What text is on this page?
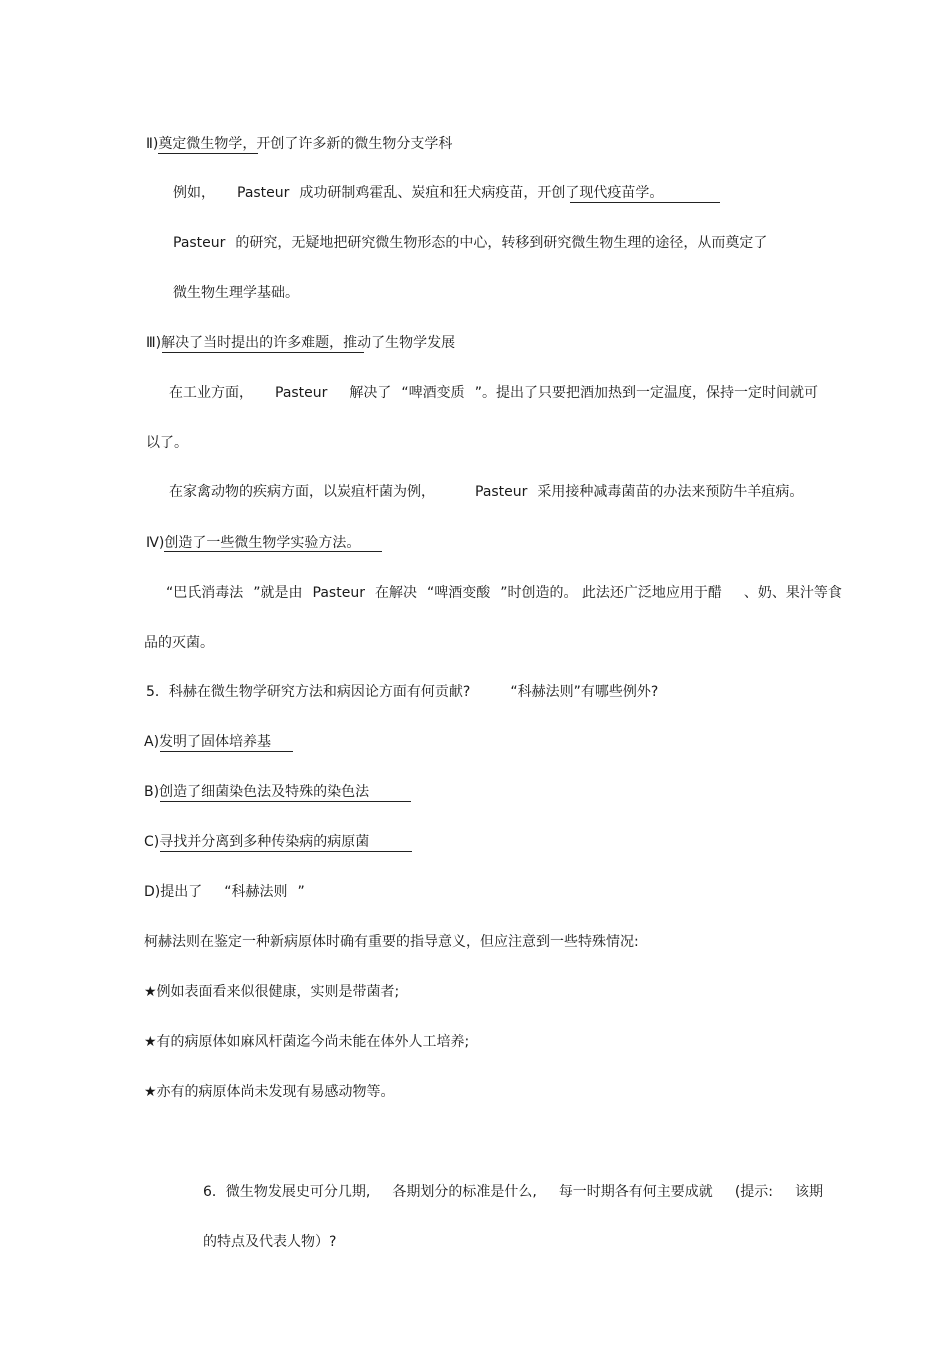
Ⅱ)奠定微生物学，开创了许多新的微生物分支学科
例如， Pasteur 成功研制鸡霍乱、炭疽和狂犬病疫苗，开创了现代疫苗学。
Pasteur 的研究，无疑地把研究微生物形态的中心，转移到研究微生物生理的途径，从而奠定了
微生物生理学基础。
Ⅲ)解决了当时提出的许多难题，推动了生物学发展
在工业方面， Pasteur 解决了 “啤酒变质 ”。提出了只要把酒加热到一定温度，保持一定时间就可
以了。
在家禽动物的疾病方面，以炭疽杆菌为例，	Pasteur 采用接种减毒菌苗的办法来预防牛羊疽病。
Ⅳ)创造了一些微生物学实验方法。
“巴氏消毒法 ”就是由 Pasteur 在解决 “啤酒变酸 ”时创造的。 此法还广泛地应用于醋 、奶、果汁等食
品的灭菌。
5．科赫在微生物学研究方法和病因论方面有何贡献?	“科赫法则”有哪些例外?
A)发明了固体培养基
B)创造了细菌染色法及特殊的染色法
C)寻找并分离到多种传染病的病原菌
D)提出了 “科赫法则 ”
柯赫法则在鉴定一种新病原体时确有重要的指导意义，但应注意到一些特殊情况:
★例如表面看来似很健康，实则是带菌者;
★有的病原体如麻风杆菌迄今尚未能在体外人工培养;
★亦有的病原体尚未发现有易感动物等。
6．微生物发展史可分几期, 各期划分的标准是什么, 每一时期各有何主要成就 (提示: 该期
的特点及代表人物）?
